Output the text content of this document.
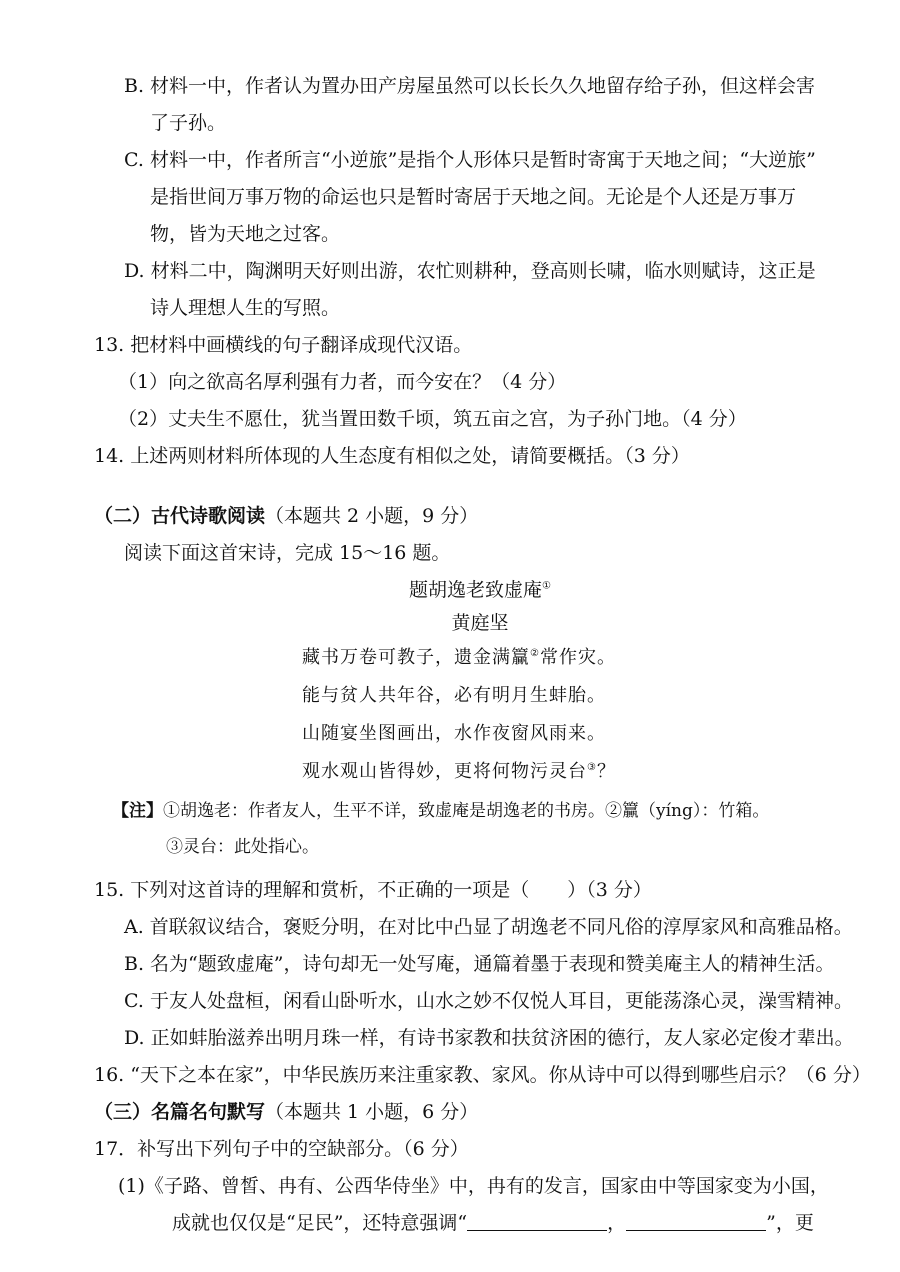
B. 材料一中，作者认为置办田产房屋虽然可以长长久久地留存给子孙，但这样会害
了子孙。
C. 材料一中，作者所言“小逆旅”是指个人形体只是暂时寄寓于天地之间；“大逆旅”
是指世间万事万物的命运也只是暂时寄居于天地之间。无论是个人还是万事万
物，皆为天地之过客。
D. 材料二中，陶渊明天好则出游，农忙则耕种，登高则长啸，临水则赋诗，这正是
诗人理想人生的写照。
13. 把材料中画横线的句子翻译成现代汉语。
（1）向之欲高名厚利强有力者，而今安在？（4 分）
（2）丈夫生不愿仕，犹当置田数千顷，筑五亩之宫，为子孙门地。（4 分）
14. 上述两则材料所体现的人生态度有相似之处，请简要概括。（3 分）
（二）古代诗歌阅读（本题共 2 小题，9 分）
阅读下面这首宋诗，完成 15～16 题。
题胡逸老致虚庵①
黄庭坚
藏书万卷可教子，遗金满籯②常作灾。
能与贫人共年谷，必有明月生蚌胎。
山随宴坐图画出，水作夜窗风雨来。
观水观山皆得妙，更将何物污灵台③？
【注】①胡逸老：作者友人，生平不详，致虚庵是胡逸老的书房。②籯（yíng）：竹箱。
③灵台：此处指心。
15. 下列对这首诗的理解和赏析，不正确的一项是（　　）（3 分）
A. 首联叙议结合，褒贬分明，在对比中凸显了胡逸老不同凡俗的淳厚家风和高雅品格。
B. 名为“题致虚庵”，诗句却无一处写庵，通篇着墨于表现和赞美庵主人的精神生活。
C. 于友人处盘桓，闲看山卧听水，山水之妙不仅悦人耳目，更能荡涤心灵，澡雪精神。
D. 正如蚌胎滋养出明月珠一样，有诗书家教和扶贫济困的德行，友人家必定俊才辈出。
16. “天下之本在家”，中华民族历来注重家教、家风。你从诗中可以得到哪些启示？（6 分）
（三）名篇名句默写（本题共 1 小题，6 分）
17．补写出下列句子中的空缺部分。（6 分）
(1)《子路、曾皙、冉有、公西华侍坐》中，冉有的发言，国家由中等国家变为小国，
成就也仅仅是“足民”，还特意强调“	，	”，更
